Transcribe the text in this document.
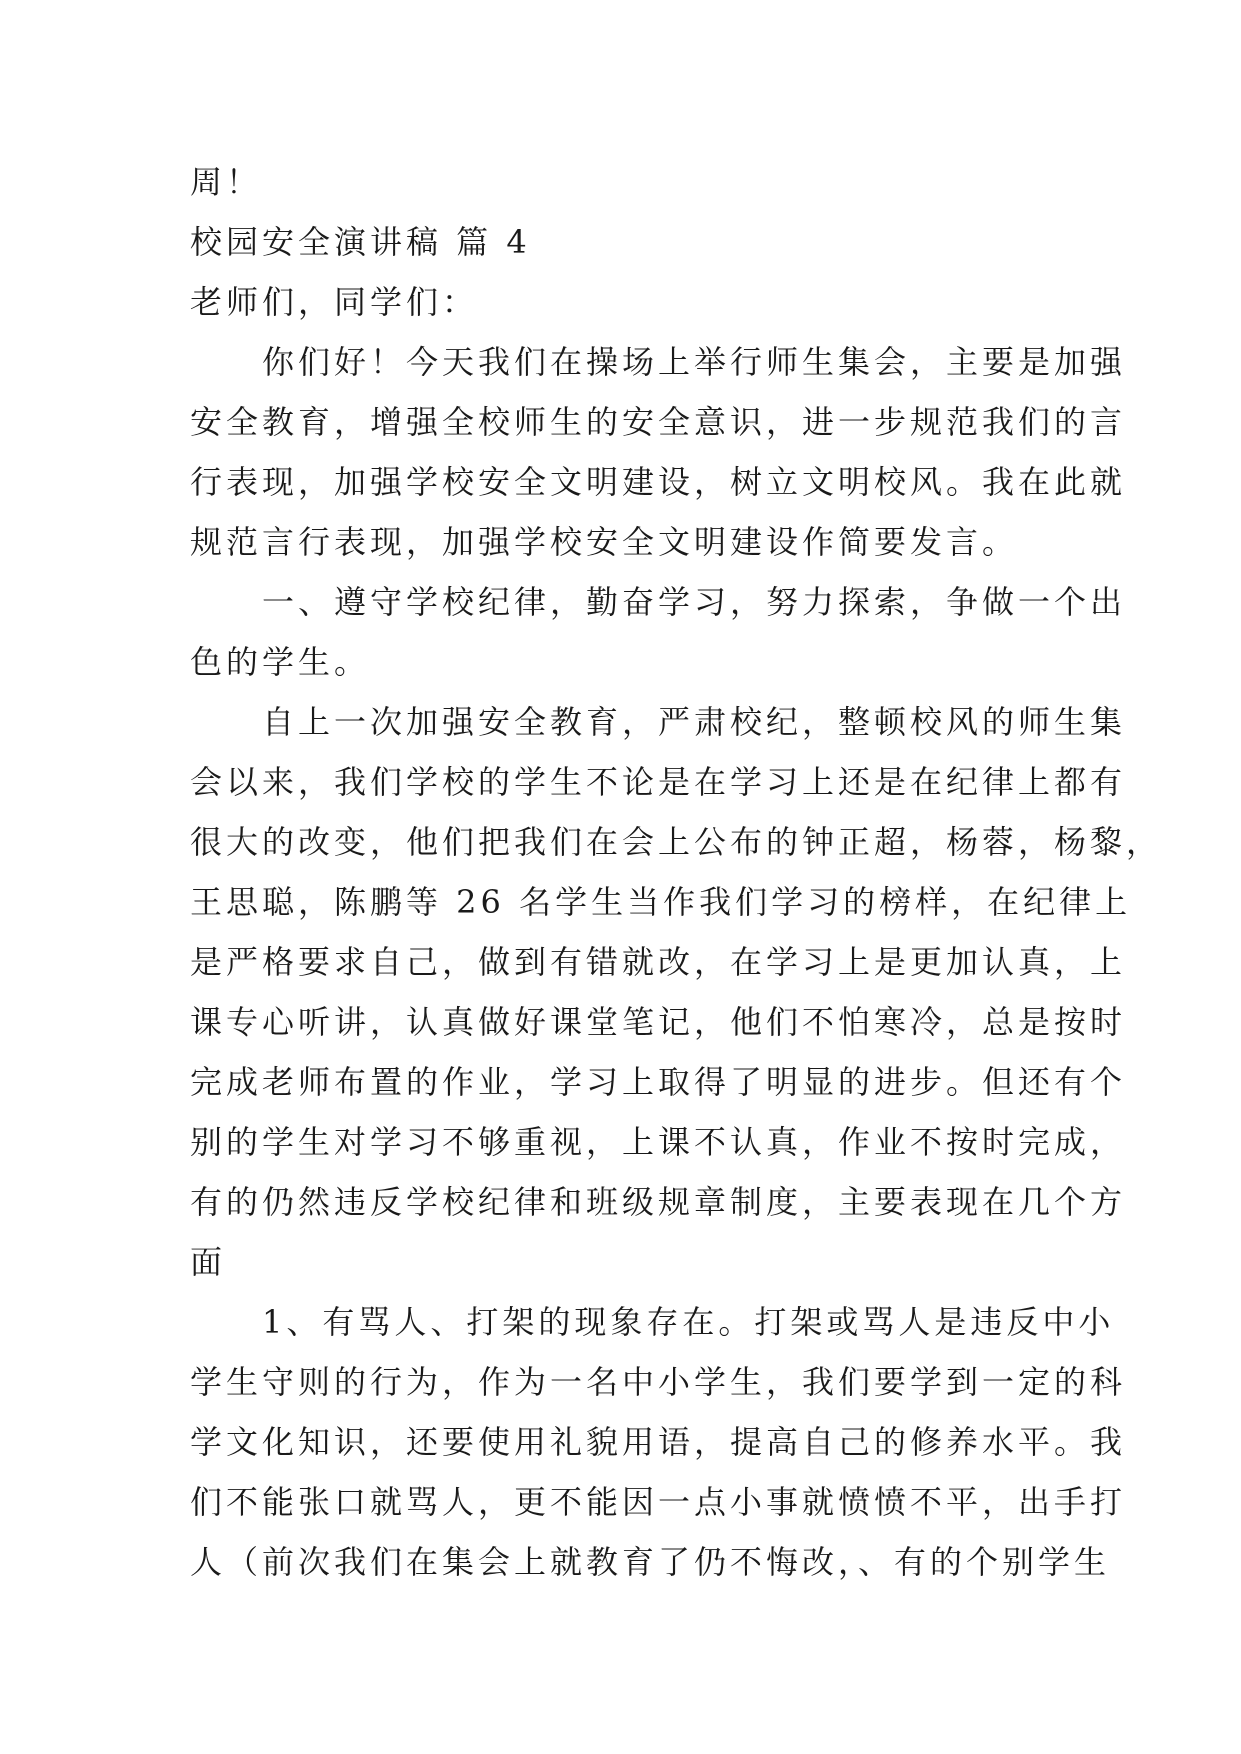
周！
校园安全演讲稿 篇 4
老师们，同学们：
你们好！今天我们在操场上举行师生集会，主要是加强
安全教育，增强全校师生的安全意识，进一步规范我们的言
行表现，加强学校安全文明建设，树立文明校风。我在此就
规范言行表现，加强学校安全文明建设作简要发言。
一、遵守学校纪律，勤奋学习，努力探索，争做一个出
色的学生。
自上一次加强安全教育，严肃校纪，整顿校风的师生集
会以来，我们学校的学生不论是在学习上还是在纪律上都有
很大的改变，他们把我们在会上公布的钟正超，杨蓉，杨黎，
王思聪，陈鹏等 26 名学生当作我们学习的榜样，在纪律上
是严格要求自己，做到有错就改，在学习上是更加认真，上
课专心听讲，认真做好课堂笔记，他们不怕寒冷，总是按时
完成老师布置的作业，学习上取得了明显的进步。但还有个
别的学生对学习不够重视，上课不认真，作业不按时完成，
有的仍然违反学校纪律和班级规章制度，主要表现在几个方
面
1、有骂人、打架的现象存在。打架或骂人是违反中小
学生守则的行为，作为一名中小学生，我们要学到一定的科
学文化知识，还要使用礼貌用语，提高自己的修养水平。我
们不能张口就骂人，更不能因一点小事就愤愤不平，出手打
人（前次我们在集会上就教育了仍不悔改，、有的个别学生
